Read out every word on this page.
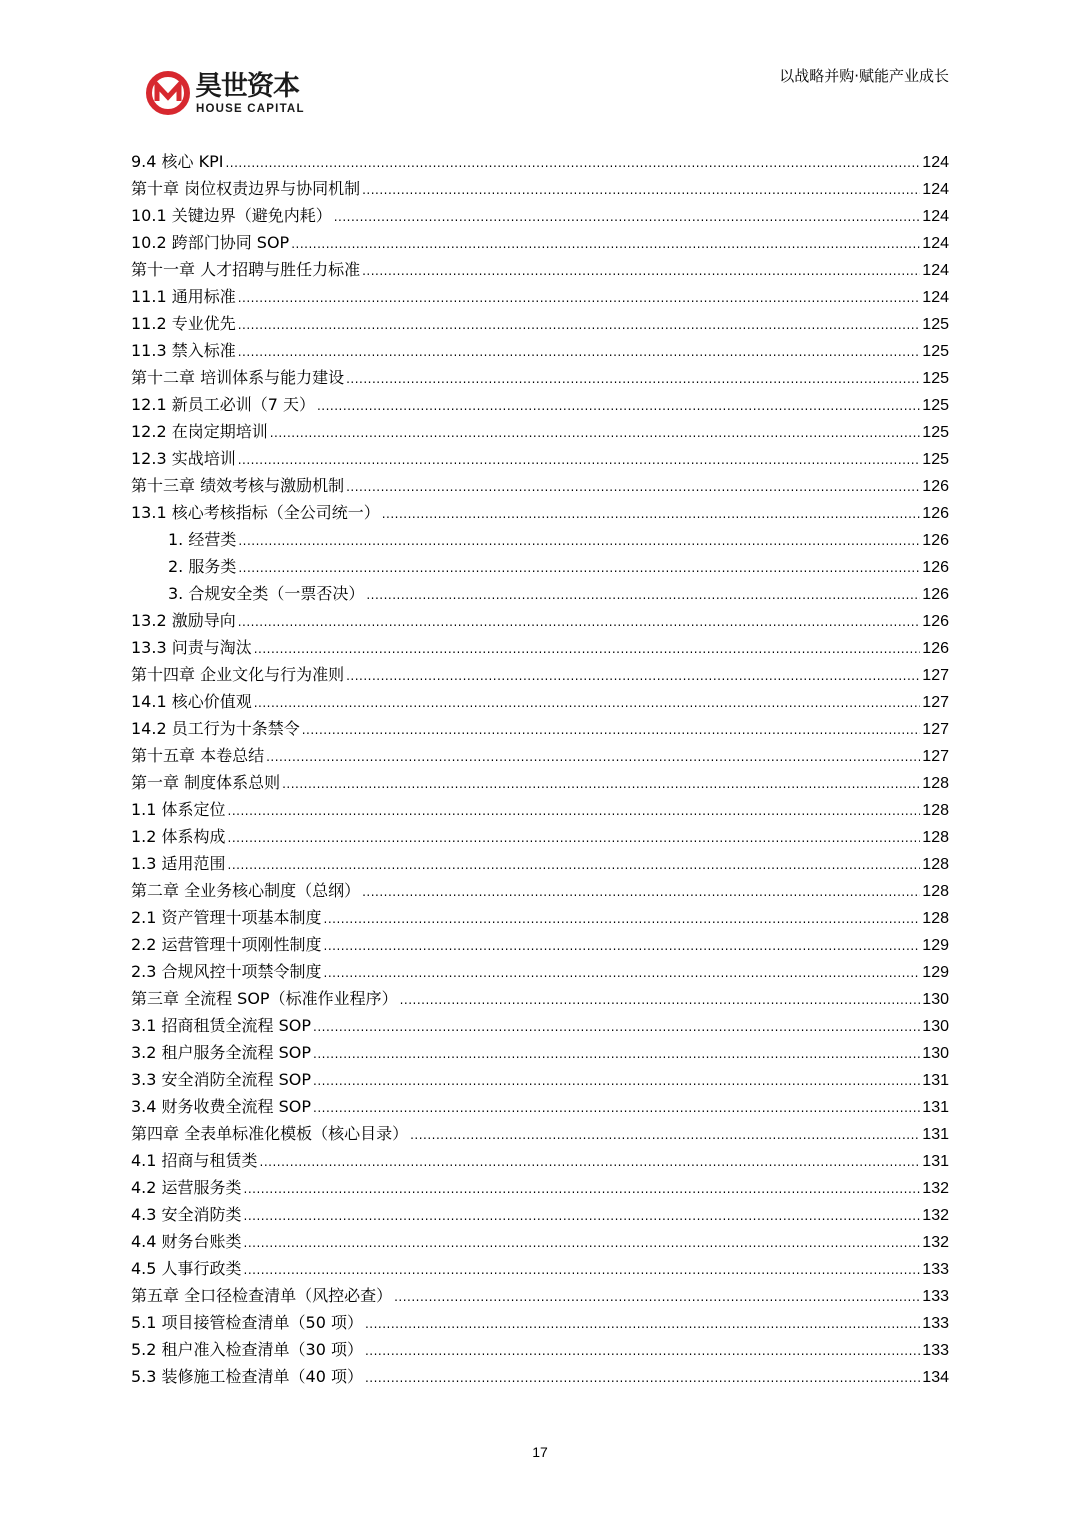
昊世资本
HOUSE CAPITAL
以战略并购·赋能产业成长
9.4 核心 KPI .....	124
第十章 岗位权责边界与协同机制 .....	124
10.1 关键边界（避免内耗） .....	124
10.2 跨部门协同 SOP .....	124
第十一章 人才招聘与胜任力标准 .....	124
11.1 通用标准 .....	124
11.2 专业优先 .....	125
11.3 禁入标准 .....	125
第十二章 培训体系与能力建设 .....	125
12.1 新员工必训（7 天） .....	125
12.2 在岗定期培训 .....	125
12.3 实战培训 .....	125
第十三章 绩效考核与激励机制 .....	126
13.1 核心考核指标（全公司统一） .....	126
1. 经营类 .....	126
2. 服务类 .....	126
3. 合规安全类（一票否决） .....	126
13.2 激励导向 .....	126
13.3 问责与淘汰 .....	126
第十四章 企业文化与行为准则 .....	127
14.1 核心价值观 .....	127
14.2 员工行为十条禁令 .....	127
第十五章 本卷总结 .....	127
第一章 制度体系总则 .....	128
1.1 体系定位 .....	128
1.2 体系构成 .....	128
1.3 适用范围 .....	128
第二章 全业务核心制度（总纲） .....	128
2.1 资产管理十项基本制度 .....	128
2.2 运营管理十项刚性制度 .....	129
2.3 合规风控十项禁令制度 .....	129
第三章 全流程 SOP（标准作业程序） .....	130
3.1 招商租赁全流程 SOP .....	130
3.2 租户服务全流程 SOP .....	130
3.3 安全消防全流程 SOP .....	131
3.4 财务收费全流程 SOP .....	131
第四章 全表单标准化模板（核心目录） .....	131
4.1 招商与租赁类 .....	131
4.2 运营服务类 .....	132
4.3 安全消防类 .....	132
4.4 财务台账类 .....	132
4.5 人事行政类 .....	133
第五章 全口径检查清单（风控必查） .....	133
5.1 项目接管检查清单（50 项） .....	133
5.2 租户准入检查清单（30 项） .....	133
5.3 装修施工检查清单（40 项） .....	134
17
